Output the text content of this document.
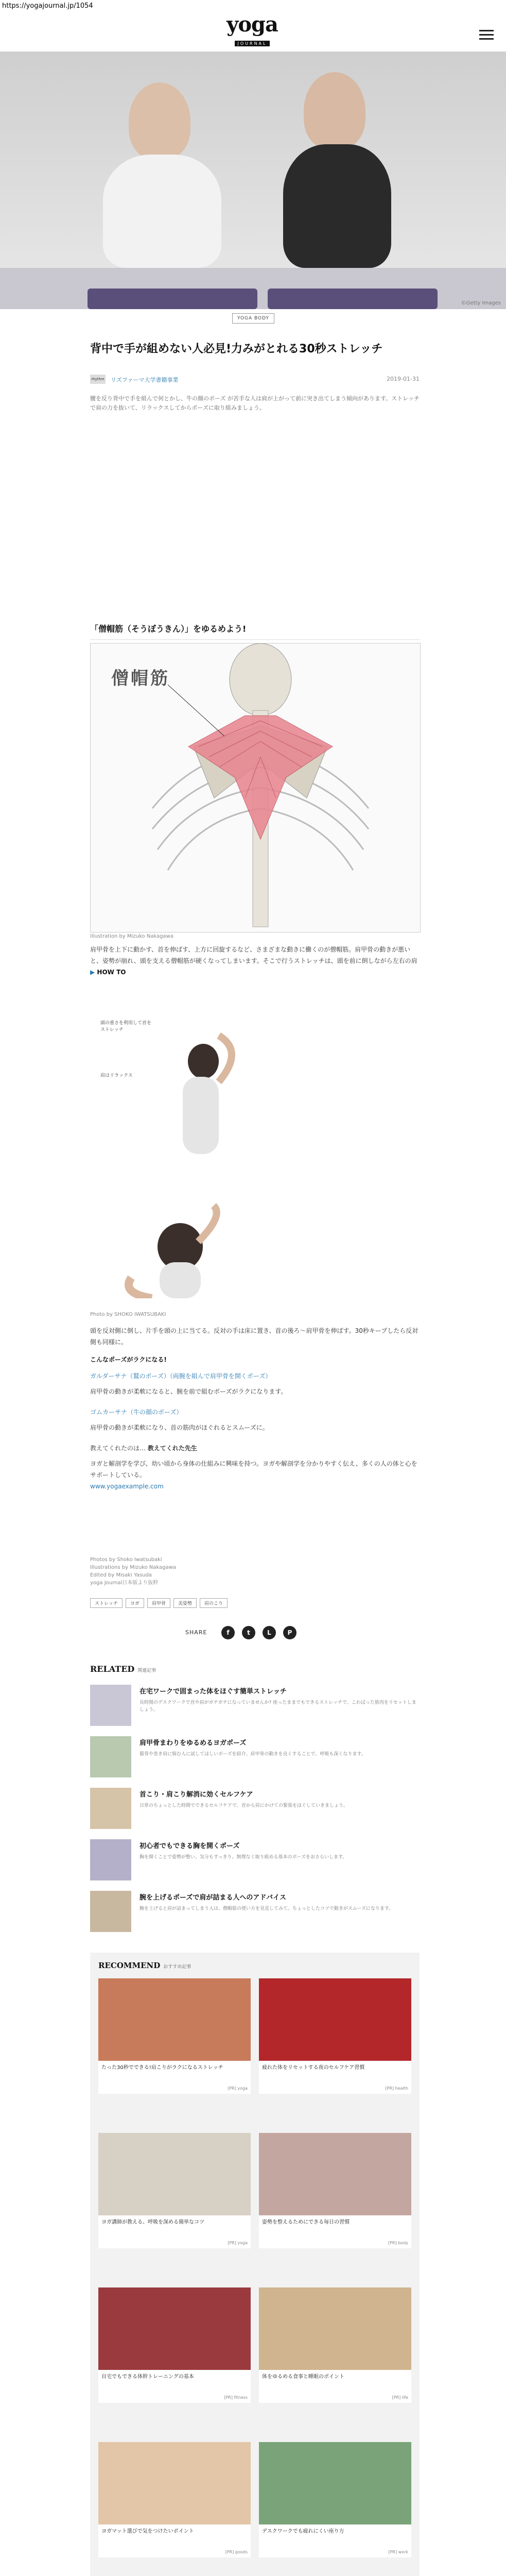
https://yogajournal.jp/1054
yoga
JOURNAL
©Getty Images
YOGA BODY
背中で手が組めない人必見!力みがとれる30秒ストレッチ
rhythm リズファーマ大学書籍事業	2019-01-31

腰を反り背中で手を組んで何とかし、牛の顔のポーズ が苦手な人は肩が上がって前に突き出てしまう傾向があります。ストレッチで肩の力を抜いて、リラックスしてからポーズに取り組みましょう。

「僧帽筋（そうぼうきん）」をゆるめよう!
僧帽筋
Illustration by Mizuko Nakagawa

肩甲骨を上下に動かす、首を伸ばす、上方に回旋するなど、さまざまな動きに働くのが僧帽筋。肩甲骨の動きが悪いと、姿勢が崩れ、頭を支える僧帽筋が硬くなってしまいます。そこで行うストレッチは、頭を前に倒しながら左右の肩

▶ HOW TO
頭の重さを利用して首をストレッチ
肩はリラックス
Photo by SHOKO IWATSUBAKI

頭を反対側に倒し、片手を頭の上に当てる。反対の手は床に置き、首の後ろ〜肩甲骨を伸ばす。30秒キープしたら反対側も同様に。

こんなポーズがラクになる!
ガルダーサナ（鷲のポーズ）（両腕を組んで肩甲骨を開くポーズ）

肩甲骨の動きが柔軟になると、腕を前で組むポーズがラクになります。

ゴムカーサナ（牛の顔のポーズ）

肩甲骨の動きが柔軟になり、首の筋肉がほぐれるとスムーズに。

教えてくれたのは… 教えてくれた先生

ヨガと解剖学を学び、幼い頃から身体の仕組みに興味を持つ。ヨガや解剖学を分かりやすく伝え、多くの人の体と心をサポートしている。

www.yogaexample.com
Photos by Shoko Iwatsubaki
Illustrations by Mizuko Nakagawa
Edited by Misaki Yasuda
yoga Journal日本版より抜粋
ストレッチ	ヨガ	肩甲骨	美姿勢	肩のこり
SHARE	f	t	L	P
RELATED 関連記事
在宅ワークで固まった体をほぐす簡単ストレッチ
長時間のデスクワークで首や肩がガチガチになっていませんか? 座ったままでもできるストレッチで、こわばった筋肉をリセットしましょう。
肩甲骨まわりをゆるめるヨガポーズ
猫背や巻き肩に悩む人に試してほしいポーズを紹介。肩甲骨の動きを良くすることで、呼吸も深くなります。
首こり・肩こり解消に効くセルフケア
日常のちょっとした時間でできるセルフケアで、首から肩にかけての緊張をほぐしていきましょう。
初心者でもできる胸を開くポーズ
胸を開くことで姿勢が整い、気分もすっきり。無理なく取り組める基本のポーズをおさらいします。
腕を上げるポーズで肩が詰まる人へのアドバイス
腕を上げると肩が詰まってしまう人は、僧帽筋の使い方を見直してみて。ちょっとしたコツで動きがスムーズになります。
RECOMMEND おすすめ記事
たった30秒でできる!肩こりがラクになるストレッチ
[PR] yoga
疲れた体をリセットする夜のセルフケア習慣
[PR] health
ヨガ講師が教える、呼吸を深める簡単なコツ
[PR] yoga
姿勢を整えるためにできる毎日の習慣
[PR] body
自宅でもできる体幹トレーニングの基本
[PR] fitness
体をゆるめる食事と睡眠のポイント
[PR] life
ヨガマット選びで気をつけたいポイント
[PR] goods
デスクワークでも疲れにくい座り方
[PR] work
